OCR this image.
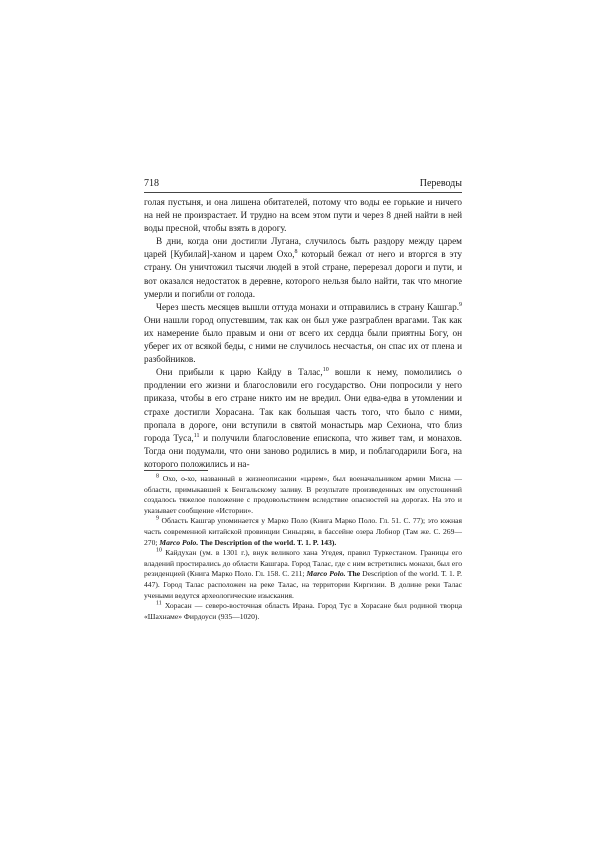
718	Переводы

голая пустыня, и она лишена обитателей, потому что воды ее горькие и ничего на ней не произрастает. И трудно на всем этом пути и через 8 дней найти в ней воды пресной, чтобы взять в дорогу.

В дни, когда они достигли Лугана, случилось быть раздору между царем царей [Кубилай]-ханом и царем Охо,$^8$ который бежал от него и вторгся в эту страну. Он уничтожил тысячи людей в этой стране, перерезал дороги и пути, и вот оказался недостаток в деревне, которого нельзя было найти, так что многие умерли и погибли от голода.

Через шесть месяцев вышли оттуда монахи и отправились в страну Кашгар.$^9$ Они нашли город опустевшим, так как он был уже разграблен врагами. Так как их намерение было правым и они от всего их сердца были приятны Богу, он уберег их от всякой беды, с ними не случилось несчастья, он спас их от плена и разбойников.

Они прибыли к царю Кайду в Талас,$^{10}$ вошли к нему, помолились о продлении его жизни и благословили его государство. Они попросили у него приказа, чтобы в его стране никто им не вредил. Они едва-едва в утомлении и страхе достигли Хорасана. Так как большая часть того, что было с ними, пропала в дороге, они вступили в святой монастырь мар Сехиона, что близ города Туса,$^{11}$ и получили благословение епископа, что живет там, и монахов. Тогда они подумали, что они заново родились в мир, и поблагодарили Бога, на которого положились и на-

$^8$ Охо, о-хо, названный в жизнеописании «царем», был военачальником армии Мисна — области, примыкавшей к Бенгальскому заливу. В результате произведенных им опустошений создалось тяжелое положение с продовольствием вследствие опасностей на дорогах. На это и указывает сообщение «Истории».

$^9$ Область Кашгар упоминается у Марко Поло (Книга Марко Поло. Гл. 51. С. 77); это южная часть современной китайской провинции Синьцзян, в бассейне озера Лобнор (Там же. С. 269—270; Marco Polo. The Description of the world. T. 1. P. 143).

$^{10}$ Кайдухан (ум. в 1301 г.), внук великого хана Угедея, правил Туркестаном. Границы его владений простирались до области Кашгара. Город Талас, где с ним встретились монахи, был его резиденцией (Книга Марко Поло. Гл. 158. С. 211; Marco Polo. The Description of the world. T. 1. P. 447). Город Талас расположен на реке Талас, на территории Киргизии. В долине реки Талас учеными ведутся археологические изыскания.

$^{11}$ Хорасан — северо-восточная область Ирана. Город Тус в Хорасане был родиной творца «Шахнаме» Фирдоуси (935—1020).
